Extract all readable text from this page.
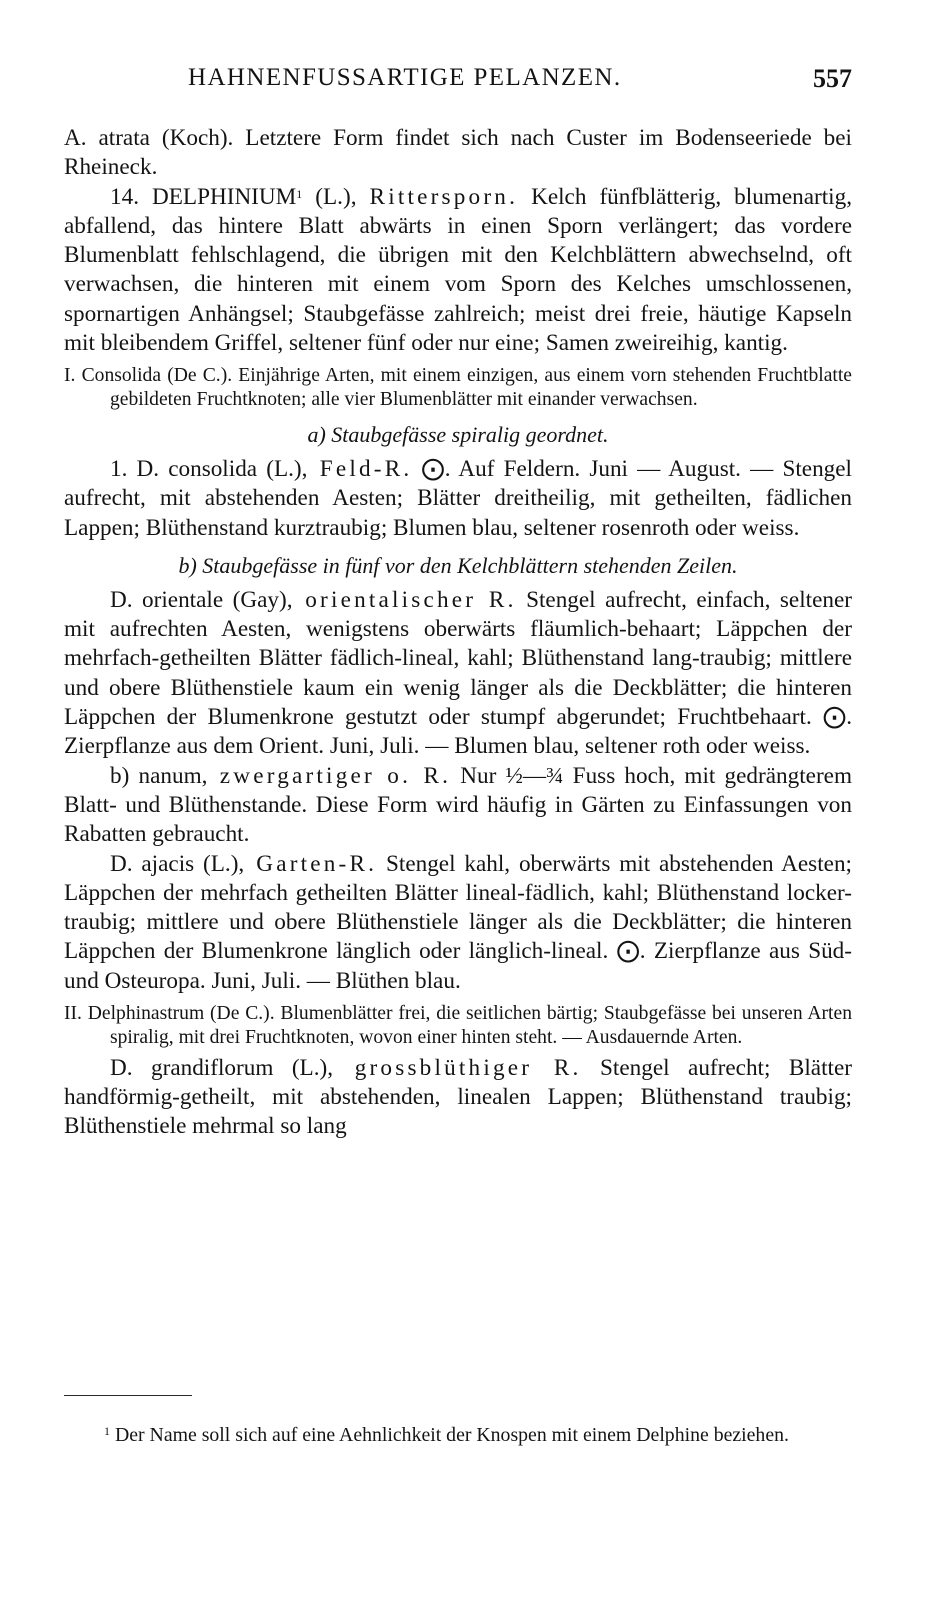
HAHNENFUSSARTIGE PELANZEN.	557

A. atrata (Koch). Letztere Form findet sich nach Custer im Bodenseeriede bei Rheineck.

14. DELPHINIUM$^1$ (L.), Rittersporn. Kelch fünfblätterig, blumenartig, abfallend, das hintere Blatt abwärts in einen Sporn verlängert; das vordere Blumenblatt fehlschlagend, die übrigen mit den Kelchblättern abwechselnd, oft verwachsen, die hinteren mit einem vom Sporn des Kelches umschlossenen, spornartigen Anhängsel; Staubgefässe zahlreich; meist drei freie, häutige Kapseln mit bleibendem Griffel, seltener fünf oder nur eine; Samen zweireihig, kantig.

I. Consolida (De C.). Einjährige Arten, mit einem einzigen, aus einem vorn stehenden Fruchtblatte gebildeten Fruchtknoten; alle vier Blumenblätter mit einander verwachsen.

a) Staubgefässe spiralig geordnet.

1. D. consolida (L.), Feld-R. ⨀. Auf Feldern. Juni — August. — Stengel aufrecht, mit abstehenden Aesten; Blätter dreitheilig, mit getheilten, fädlichen Lappen; Blüthenstand kurztraubig; Blumen blau, seltener rosenroth oder weiss.

b) Staubgefässe in fünf vor den Kelchblättern stehenden Zeilen.

D. orientale (Gay), orientalischer R. Stengel aufrecht, einfach, seltener mit aufrechten Aesten, wenigstens oberwärts fläumlich-behaart; Läppchen der mehrfach-getheilten Blätter fädlich-lineal, kahl; Blüthenstand lang-traubig; mittlere und obere Blüthenstiele kaum ein wenig länger als die Deckblätter; die hinteren Läppchen der Blumenkrone gestutzt oder stumpf abgerundet; Fruchtbehaart. ⨀. Zierpflanze aus dem Orient. Juni, Juli. — Blumen blau, seltener roth oder weiss.

b) nanum, zwergartiger o. R. Nur ½—¾ Fuss hoch, mit gedrängterem Blatt- und Blüthenstande. Diese Form wird häufig in Gärten zu Einfassungen von Rabatten gebraucht.

D. ajacis (L.), Garten-R. Stengel kahl, oberwärts mit abstehenden Aesten; Läppchen der mehrfach getheilten Blätter lineal-fädlich, kahl; Blüthenstand locker-traubig; mittlere und obere Blüthenstiele länger als die Deckblätter; die hinteren Läppchen der Blumenkrone länglich oder länglich-lineal. ⨀. Zierpflanze aus Süd- und Osteuropa. Juni, Juli. — Blüthen blau.

II. Delphinastrum (De C.). Blumenblätter frei, die seitlichen bärtig; Staubgefässe bei unseren Arten spiralig, mit drei Fruchtknoten, wovon einer hinten steht. — Ausdauernde Arten.

D. grandiflorum (L.), grossblüthiger R. Stengel aufrecht; Blätter handförmig-getheilt, mit abstehenden, linealen Lappen; Blüthenstand traubig; Blüthenstiele mehrmal so lang

$^1$ Der Name soll sich auf eine Aehnlichkeit der Knospen mit einem Delphine beziehen.
